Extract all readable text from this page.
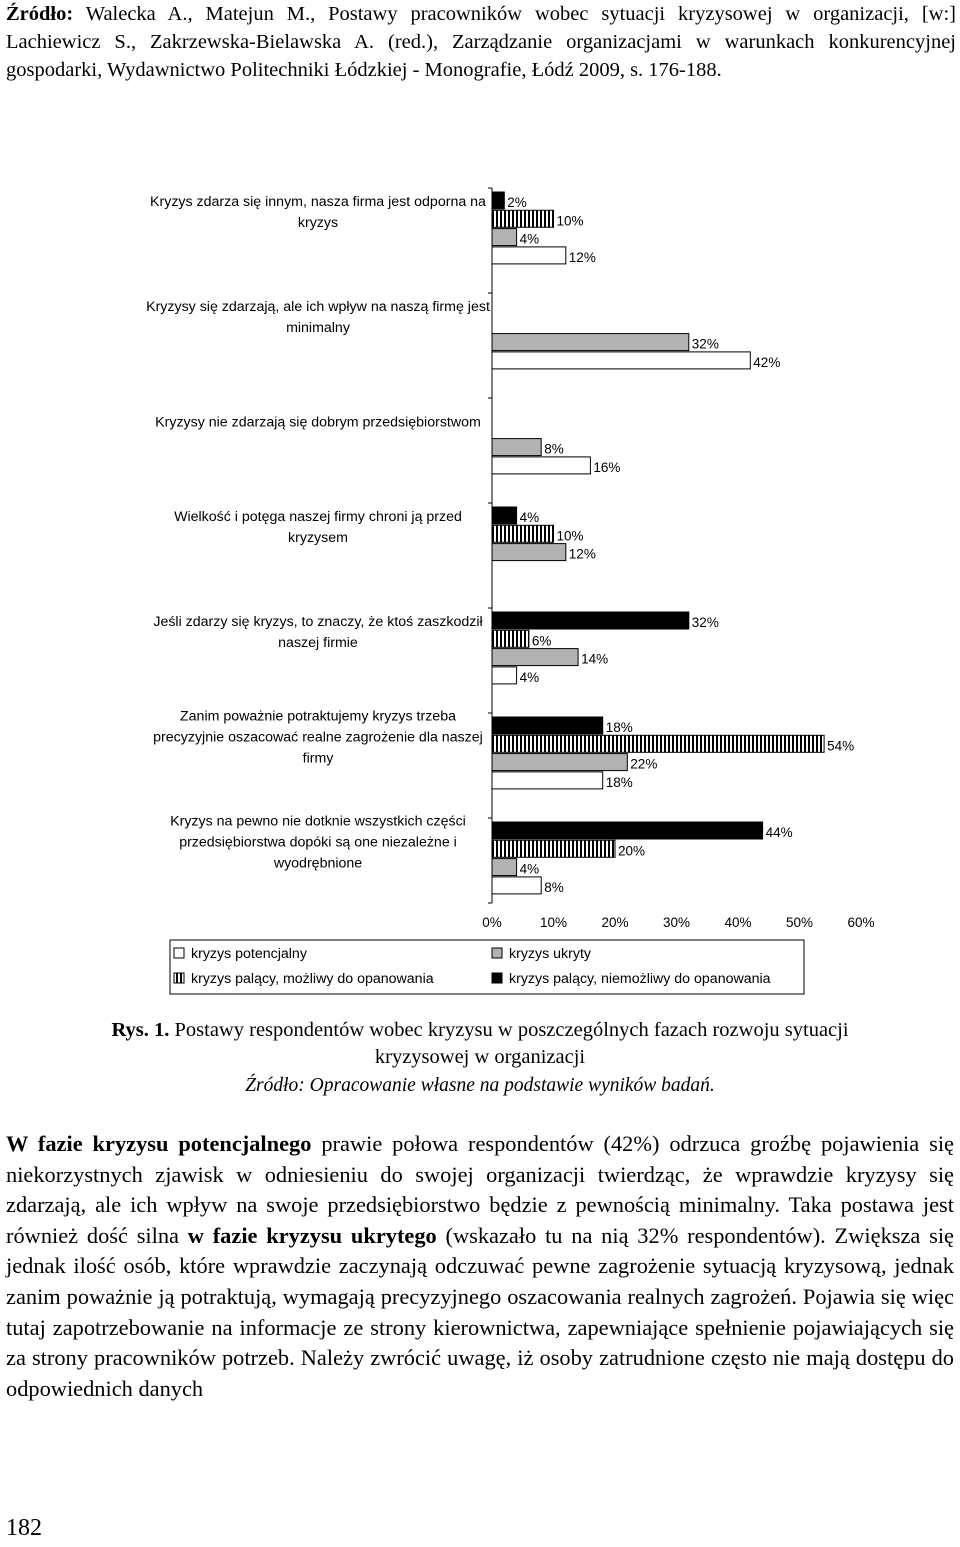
Źródło: Walecka A., Matejun M., Postawy pracowników wobec sytuacji kryzysowej w organizacji, [w:] Lachiewicz S., Zakrzewska-Bielawska A. (red.), Zarządzanie organizacjami w warunkach konkurencyjnej gospodarki, Wydawnictwo Politechniki Łódzkiej - Monografie, Łódź 2009, s. 176-188.
0%	10%	20%	30%	40%	50%	60%
Kryzys zdarza się innym, nasza firma jest odporna na
kryzys
2%
10%
4%
12%
Kryzysy się zdarzają, ale ich wpływ na naszą firmę jest
minimalny
32%
42%
Kryzysy nie zdarzają się dobrym przedsiębiorstwom
8%
16%
Wielkość i potęga naszej firmy chroni ją przed
kryzysem
4%
10%
12%
Jeśli zdarzy się kryzys, to znaczy, że ktoś zaszkodził
naszej firmie
32%
6%
14%
4%
Zanim poważnie potraktujemy kryzys trzeba
precyzyjnie oszacować realne zagrożenie dla naszej
firmy
18%
54%
22%
18%
Kryzys na pewno nie dotknie wszystkich części
przedsiębiorstwa dopóki są one niezależne i
wyodrębnione
44%
20%
4%
8%
kryzys potencjalny	kryzys ukryty
kryzys palący, możliwy do opanowania	kryzys palący, niemożliwy do opanowania
Rys. 1. Postawy respondentów wobec kryzysu w poszczególnych fazach rozwoju sytuacji
kryzysowej w organizacji
Źródło: Opracowanie własne na podstawie wyników badań.
W fazie kryzysu potencjalnego prawie połowa respondentów (42%) odrzuca groźbę pojawienia się niekorzystnych zjawisk w odniesieniu do swojej organizacji twierdząc, że wprawdzie kryzysy się zdarzają, ale ich wpływ na swoje przedsiębiorstwo będzie z pewnością minimalny. Taka postawa jest również dość silna w fazie kryzysu ukrytego (wskazało tu na nią 32% respondentów). Zwiększa się jednak ilość osób, które wprawdzie zaczynają odczuwać pewne zagrożenie sytuacją kryzysową, jednak zanim poważnie ją potraktują, wymagają precyzyjnego oszacowania realnych zagrożeń. Pojawia się więc tutaj zapotrzebowanie na informacje ze strony kierownictwa, zapewniające spełnienie pojawiających się za strony pracowników potrzeb. Należy zwrócić uwagę, iż osoby zatrudnione często nie mają dostępu do odpowiednich danych
182
